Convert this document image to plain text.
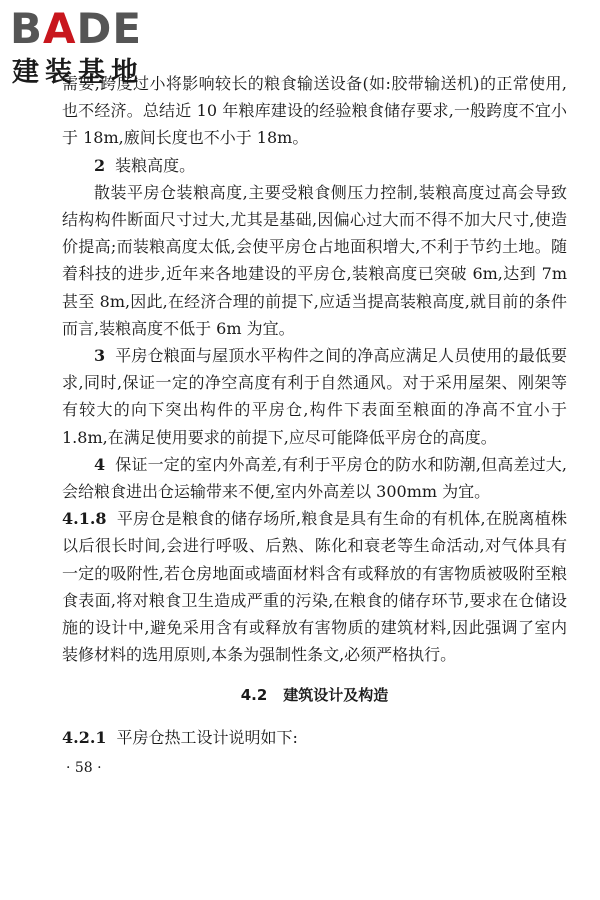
BADE
建装基地

需要,跨度过小将影响较长的粮食输送设备(如:胶带输送机)的正常使用,也不经济。总结近 10 年粮库建设的经验粮食储存要求,一般跨度不宜小于 18m,廒间长度也不小于 18m。

2 装粮高度。

散装平房仓装粮高度,主要受粮食侧压力控制,装粮高度过高会导致结构构件断面尺寸过大,尤其是基础,因偏心过大而不得不加大尺寸,使造价提高;而装粮高度太低,会使平房仓占地面积增大,不利于节约土地。随着科技的进步,近年来各地建设的平房仓,装粮高度已突破 6m,达到 7m 甚至 8m,因此,在经济合理的前提下,应适当提高装粮高度,就目前的条件而言,装粮高度不低于 6m 为宜。

3 平房仓粮面与屋顶水平构件之间的净高应满足人员使用的最低要求,同时,保证一定的净空高度有利于自然通风。对于采用屋架、刚架等有较大的向下突出构件的平房仓,构件下表面至粮面的净高不宜小于 1.8m,在满足使用要求的前提下,应尽可能降低平房仓的高度。

4 保证一定的室内外高差,有利于平房仓的防水和防潮,但高差过大,会给粮食进出仓运输带来不便,室内外高差以 300mm 为宜。

4.1.8 平房仓是粮食的储存场所,粮食是具有生命的有机体,在脱离植株以后很长时间,会进行呼吸、后熟、陈化和衰老等生命活动,对气体具有一定的吸附性,若仓房地面或墙面材料含有或释放的有害物质被吸附至粮食表面,将对粮食卫生造成严重的污染,在粮食的储存环节,要求在仓储设施的设计中,避免采用含有或释放有害物质的建筑材料,因此强调了室内装修材料的选用原则,本条为强制性条文,必须严格执行。

4.2 建筑设计及构造

4.2.1 平房仓热工设计说明如下:

· 58 ·
